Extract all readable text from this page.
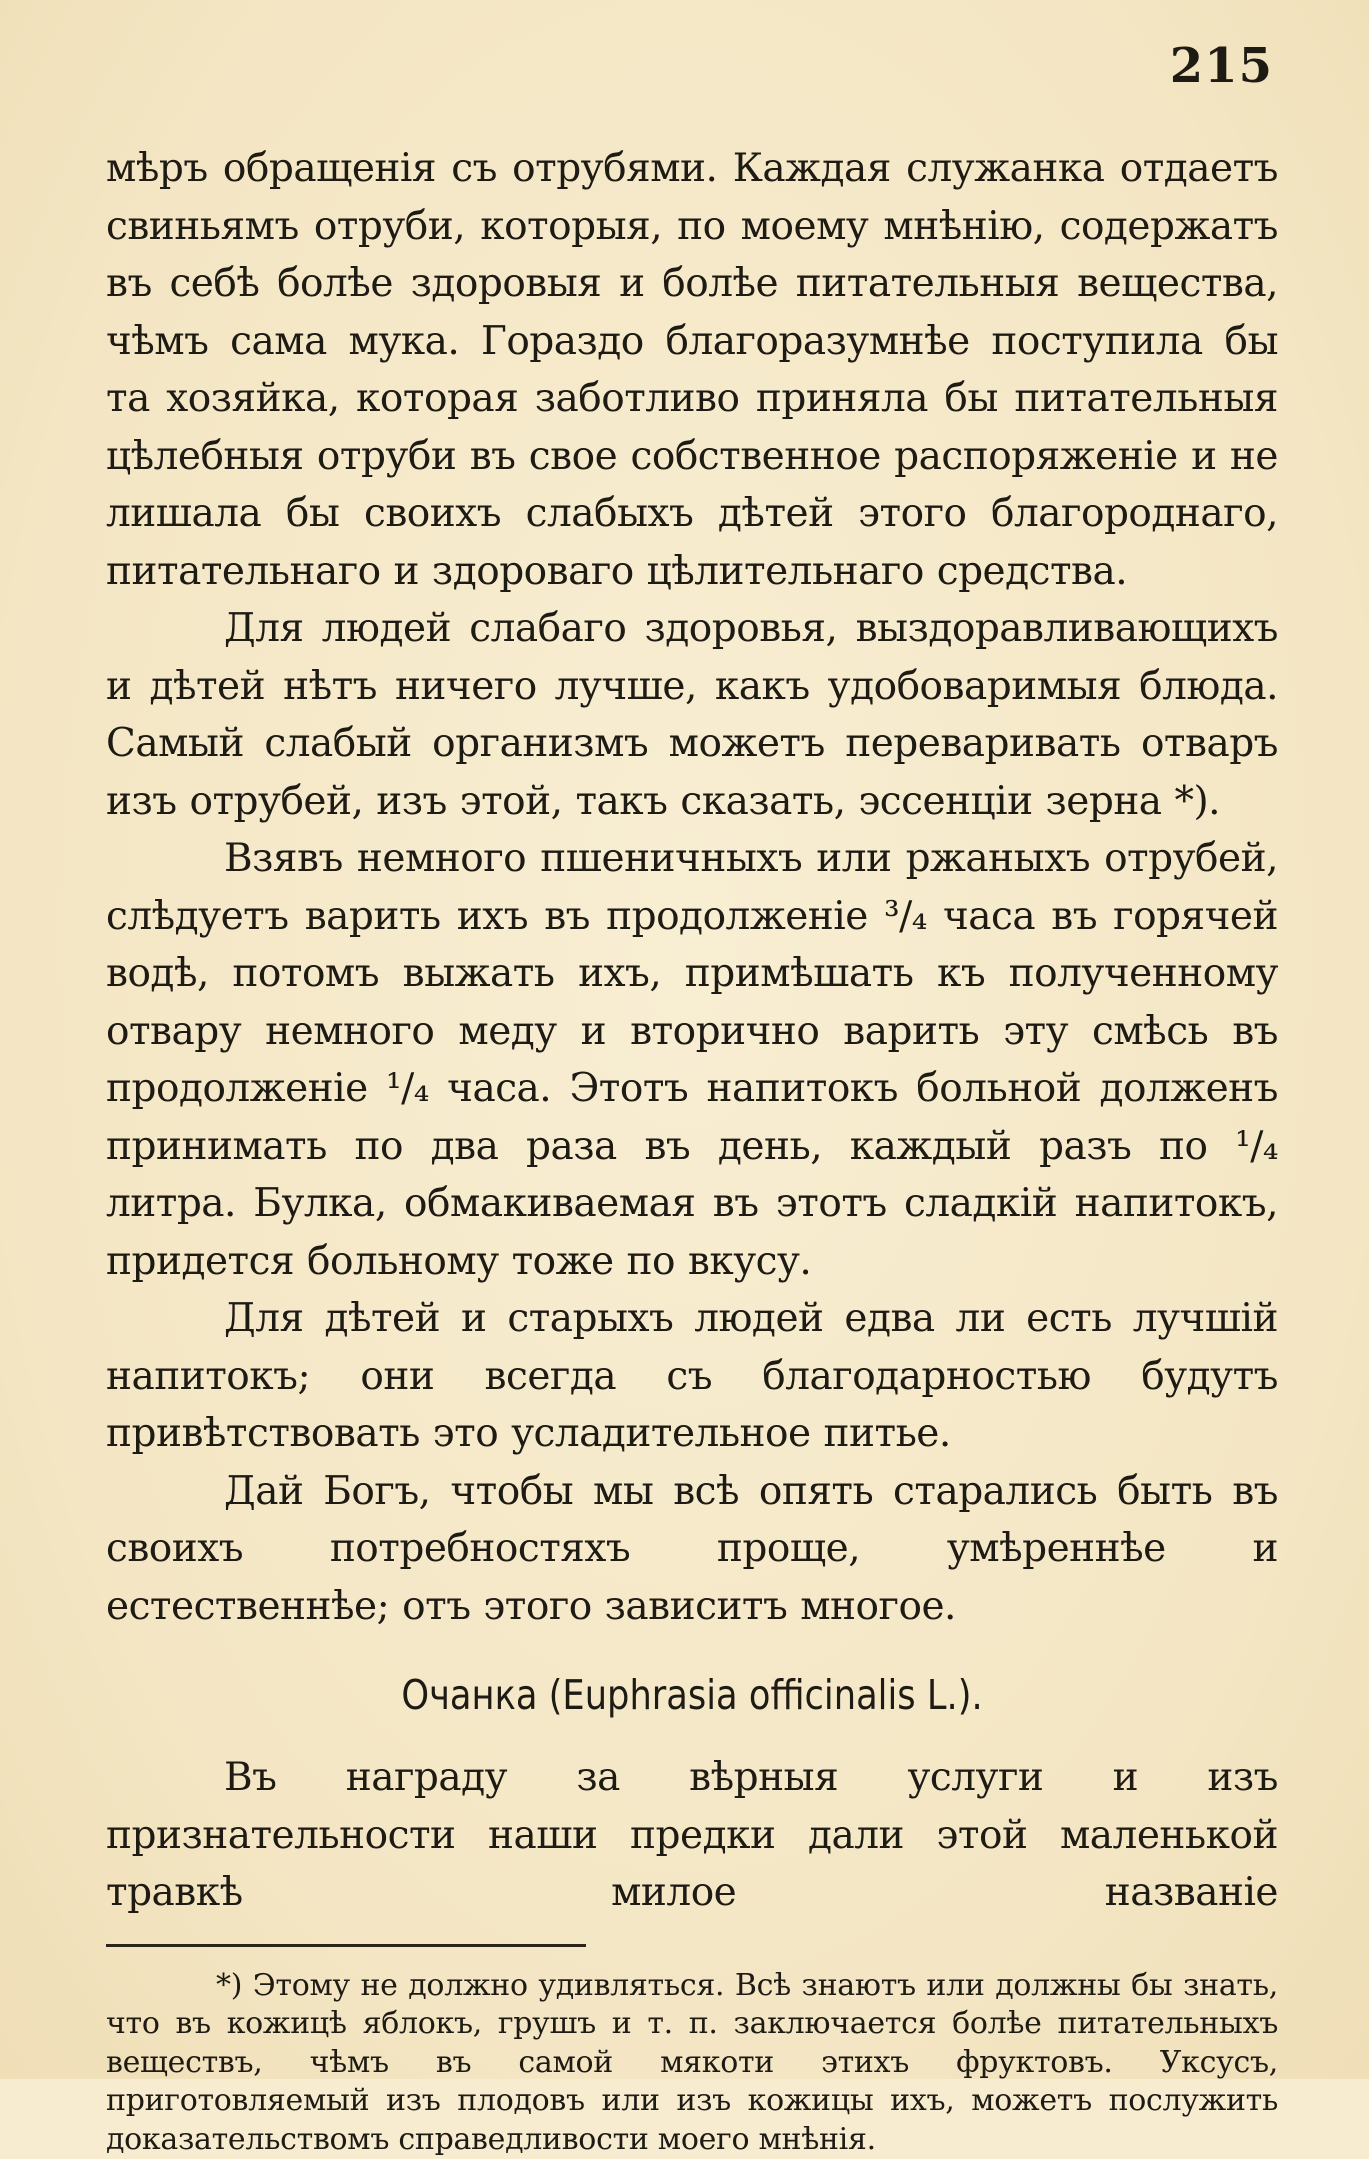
215

мѣръ обращенія съ отрубями. Каждая служанка отдаетъ свиньямъ отруби, которыя, по моему мнѣнію, содержатъ въ себѣ болѣе здоровыя и болѣе питательныя вещества, чѣмъ сама мука. Гораздо благоразумнѣе поступила бы та хозяйка, которая заботливо приняла бы питательныя цѣлебныя отруби въ свое собственное распоряженіе и не лишала бы своихъ слабыхъ дѣтей этого благороднаго, питательнаго и здороваго цѣлительнаго средства.

Для людей слабаго здоровья, выздоравливающихъ и дѣтей нѣтъ ничего лучше, какъ удобоваримыя блюда. Самый слабый организмъ можетъ переваривать отваръ изъ отрубей, изъ этой, такъ сказать, эссенціи зерна *).

Взявъ немного пшеничныхъ или ржаныхъ отрубей, слѣдуетъ варить ихъ въ продолженіе ³/₄ часа въ горячей водѣ, потомъ выжать ихъ, примѣшать къ полученному отвару немного меду и вторично варить эту смѣсь въ продолженіе ¹/₄ часа. Этотъ напитокъ больной долженъ принимать по два раза въ день, каждый разъ по ¹/₄ литра. Булка, обмакиваемая въ этотъ сладкій напитокъ, придется больному тоже по вкусу.

Для дѣтей и старыхъ людей едва ли есть лучшій напитокъ; они всегда съ благодарностью будутъ привѣтствовать это усладительное питье.

Дай Богъ, чтобы мы всѣ опять старались быть въ своихъ потребностяхъ проще, умѣреннѣе и естественнѣе; отъ этого зависитъ многое.

Очанка (Euphrasia officinalis L.).

Въ награду за вѣрныя услуги и изъ признательности наши предки дали этой маленькой травкѣ милое названіе

*) Этому не должно удивляться. Всѣ знаютъ или должны бы знать, что въ кожицѣ яблокъ, грушъ и т. п. заключается болѣе питательныхъ веществъ, чѣмъ въ самой мякоти этихъ фруктовъ. Уксусъ, приготовляемый изъ плодовъ или изъ кожицы ихъ, можетъ послужить доказательствомъ справедливости моего мнѣнія.
